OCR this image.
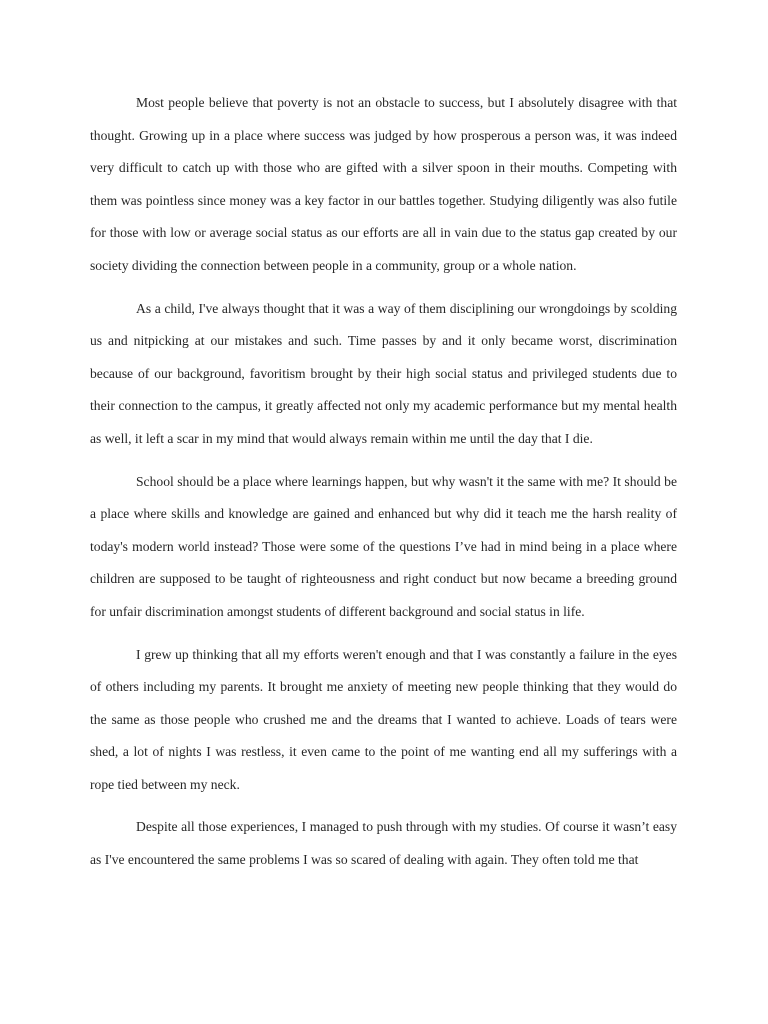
Most people believe that poverty is not an obstacle to success, but I absolutely disagree with that thought. Growing up in a place where success was judged by how prosperous a person was, it was indeed very difficult to catch up with those who are gifted with a silver spoon in their mouths. Competing with them was pointless since money was a key factor in our battles together. Studying diligently was also futile for those with low or average social status as our efforts are all in vain due to the status gap created by our society dividing the connection between people in a community, group or a whole nation.

As a child, I've always thought that it was a way of them disciplining our wrongdoings by scolding us and nitpicking at our mistakes and such. Time passes by and it only became worst, discrimination because of our background, favoritism brought by their high social status and privileged students due to their connection to the campus, it greatly affected not only my academic performance but my mental health as well, it left a scar in my mind that would always remain within me until the day that I die.

School should be a place where learnings happen, but why wasn't it the same with me? It should be a place where skills and knowledge are gained and enhanced but why did it teach me the harsh reality of today's modern world instead? Those were some of the questions I’ve had in mind being in a place where children are supposed to be taught of righteousness and right conduct but now became a breeding ground for unfair discrimination amongst students of different background and social status in life.

I grew up thinking that all my efforts weren't enough and that I was constantly a failure in the eyes of others including my parents. It brought me anxiety of meeting new people thinking that they would do the same as those people who crushed me and the dreams that I wanted to achieve. Loads of tears were shed, a lot of nights I was restless, it even came to the point of me wanting end all my sufferings with a rope tied between my neck.

Despite all those experiences, I managed to push through with my studies. Of course it wasn’t easy as I've encountered the same problems I was so scared of dealing with again. They often told me that
